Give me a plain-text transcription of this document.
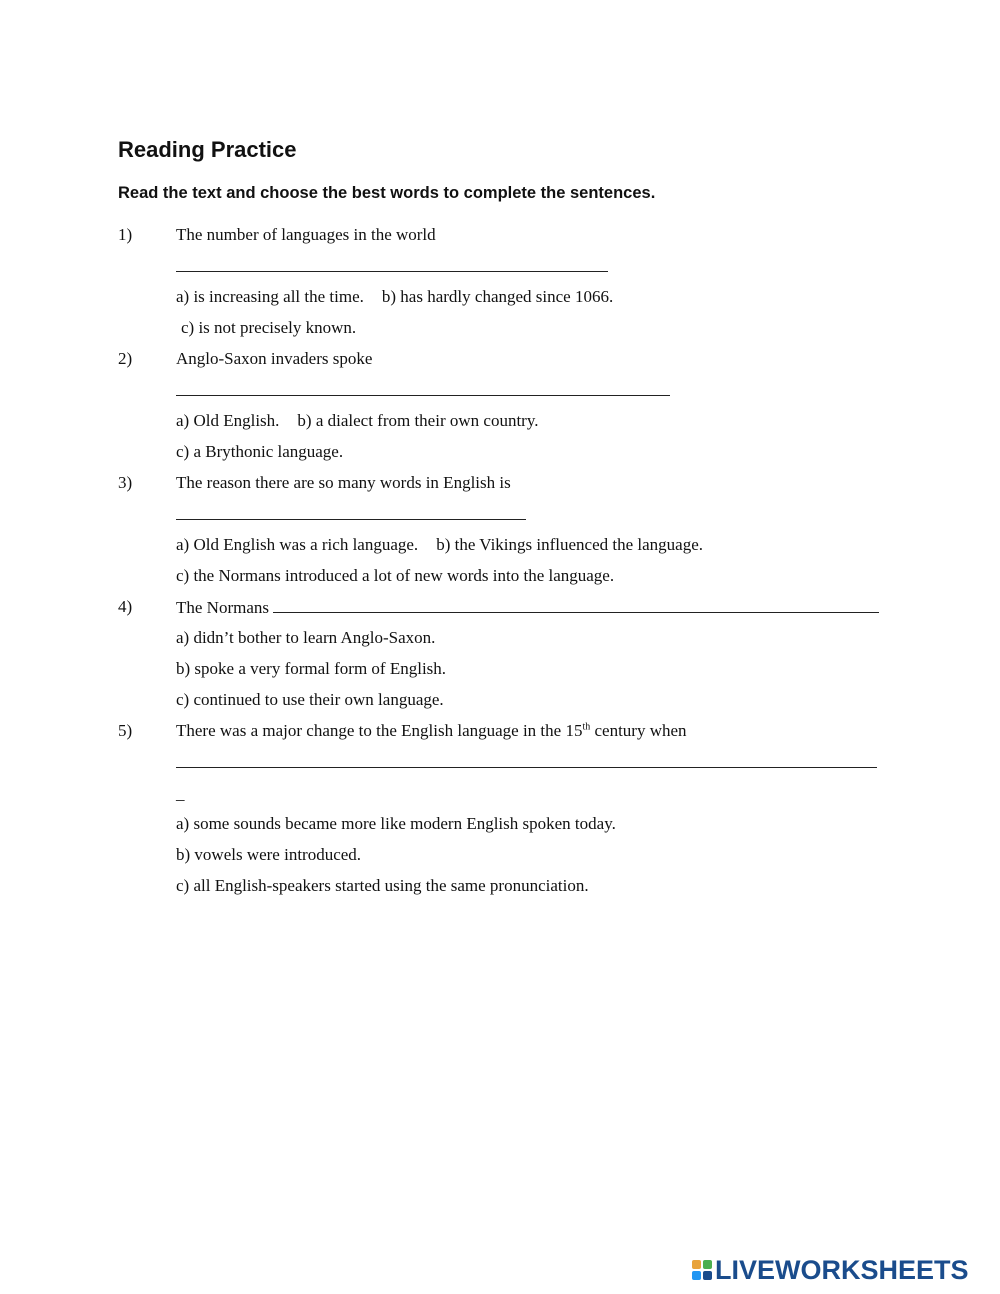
Reading Practice
Read the text and choose the best words to complete the sentences.
1)	The number of languages in the world
a) is increasing all the time. b) has hardly changed since 1066.
c) is not precisely known.
2)	Anglo-Saxon invaders spoke
a) Old English. b) a dialect from their own country.
c) a Brythonic language.
3)	The reason there are so many words in English is
a) Old English was a rich language. b) the Vikings influenced the language.
c) the Normans introduced a lot of new words into the language.
4)	The Normans
a) didn’t bother to learn Anglo-Saxon.
b) spoke a very formal form of English.
c) continued to use their own language.
5)	There was a major change to the English language in the 15th century when
_
a) some sounds became more like modern English spoken today.
b) vowels were introduced.
c) all English-speakers started using the same pronunciation.
LIVEWORKSHEETS
